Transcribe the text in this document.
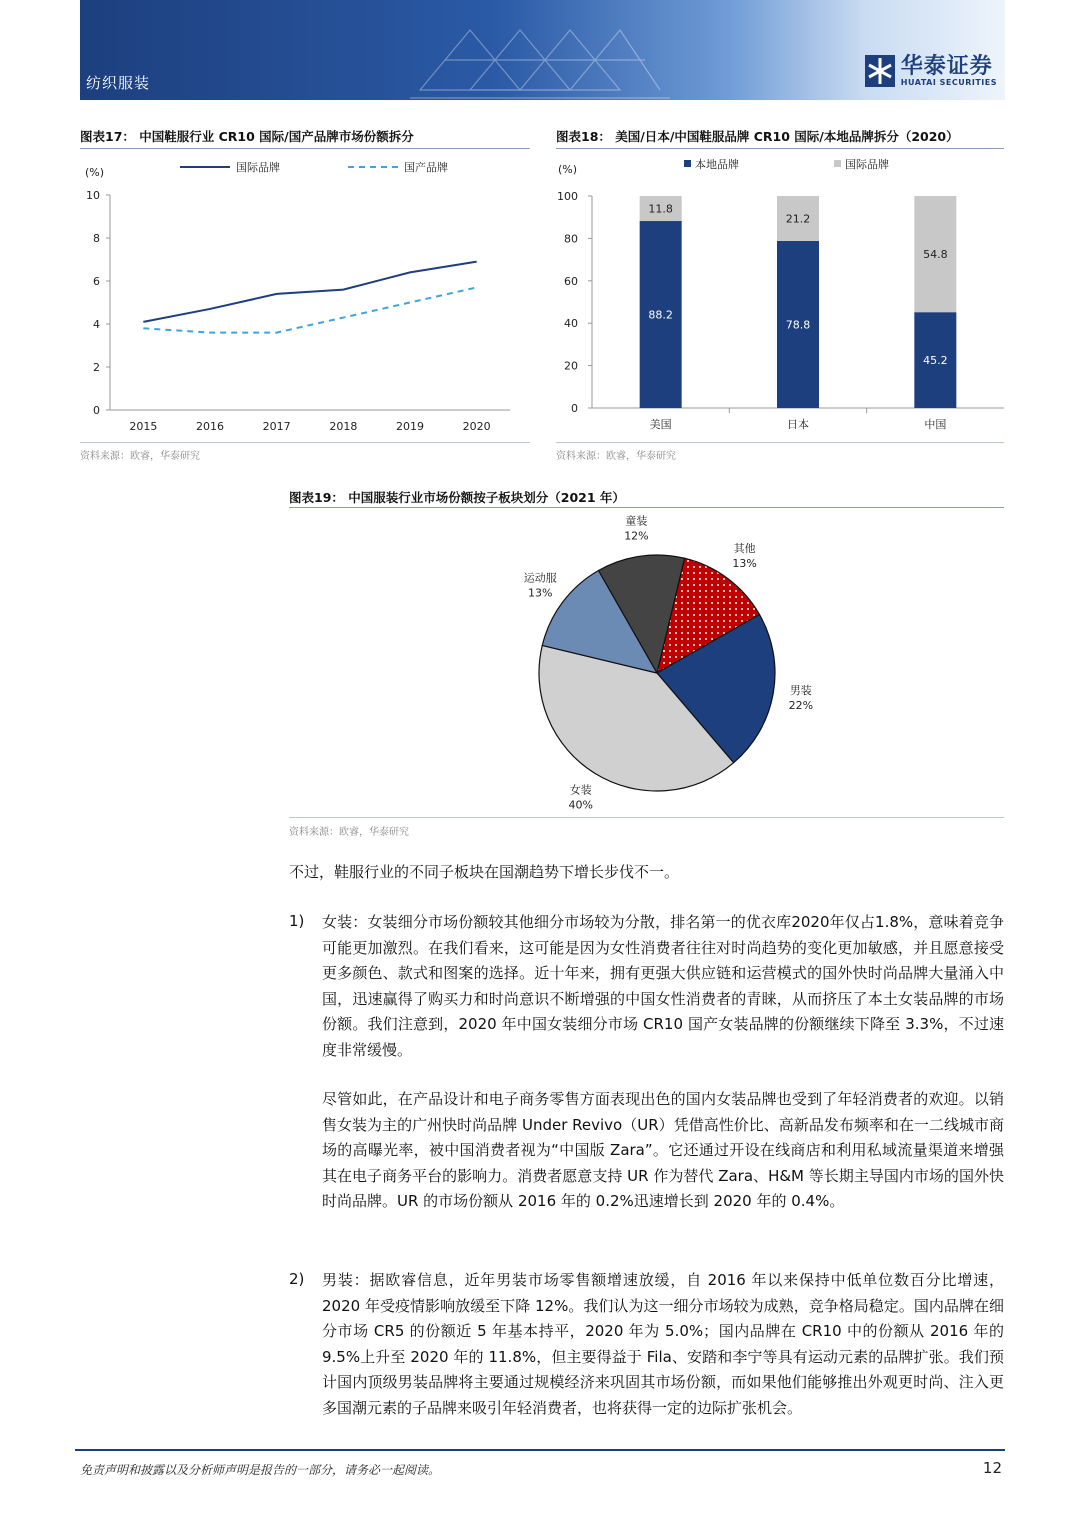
纺织服装
华泰证券
HUATAI SECURITIES
图表17： 中国鞋服行业 CR10 国际/国产品牌市场份额拆分
(%)
0
2
4
6
8
10
2015	2016	2017	2018	2019	2020
国际品牌	国产品牌
资料来源：欧睿，华泰研究
图表18： 美国/日本/中国鞋服品牌 CR10 国际/本地品牌拆分（2020）
(%)
0
20
40
60
80
100
本地品牌	国际品牌
88.2
11.8
美国
78.8
21.2
日本
45.2
54.8
中国
资料来源：欧睿，华泰研究
图表19： 中国服装行业市场份额按子板块划分（2021 年）
其他
13%
男装
22%
女装
40%
运动服
13%
童装
12%
资料来源：欧睿，华泰研究
不过，鞋服行业的不同子板块在国潮趋势下增长步伐不一。
1) 女装：女装细分市场份额较其他细分市场较为分散，排名第一的优衣库2020年仅占1.8%，意味着竞争可能更加激烈。在我们看来，这可能是因为女性消费者往往对时尚趋势的变化更加敏感，并且愿意接受更多颜色、款式和图案的选择。近十年来，拥有更强大供应链和运营模式的国外快时尚品牌大量涌入中国，迅速赢得了购买力和时尚意识不断增强的中国女性消费者的青睐，从而挤压了本土女装品牌的市场份额。我们注意到，2020 年中国女装细分市场 CR10 国产女装品牌的份额继续下降至 3.3%，不过速度非常缓慢。
尽管如此，在产品设计和电子商务零售方面表现出色的国内女装品牌也受到了年轻消费者的欢迎。以销售女装为主的广州快时尚品牌 Under Revivo（UR）凭借高性价比、高新品发布频率和在一二线城市商场的高曝光率，被中国消费者视为“中国版 Zara”。它还通过开设在线商店和利用私域流量渠道来增强其在电子商务平台的影响力。消费者愿意支持 UR 作为替代 Zara、H&M 等长期主导国内市场的国外快时尚品牌。UR 的市场份额从 2016 年的 0.2%迅速增长到 2020 年的 0.4%。
2) 男装：据欧睿信息，近年男装市场零售额增速放缓，自 2016 年以来保持中低单位数百分比增速，2020 年受疫情影响放缓至下降 12%。我们认为这一细分市场较为成熟，竞争格局稳定。国内品牌在细分市场 CR5 的份额近 5 年基本持平，2020 年为 5.0%；国内品牌在 CR10 中的份额从 2016 年的 9.5%上升至 2020 年的 11.8%，但主要得益于 Fila、安踏和李宁等具有运动元素的品牌扩张。我们预计国内顶级男装品牌将主要通过规模经济来巩固其市场份额，而如果他们能够推出外观更时尚、注入更多国潮元素的子品牌来吸引年轻消费者，也将获得一定的边际扩张机会。
免责声明和披露以及分析师声明是报告的一部分，请务必一起阅读。	12
